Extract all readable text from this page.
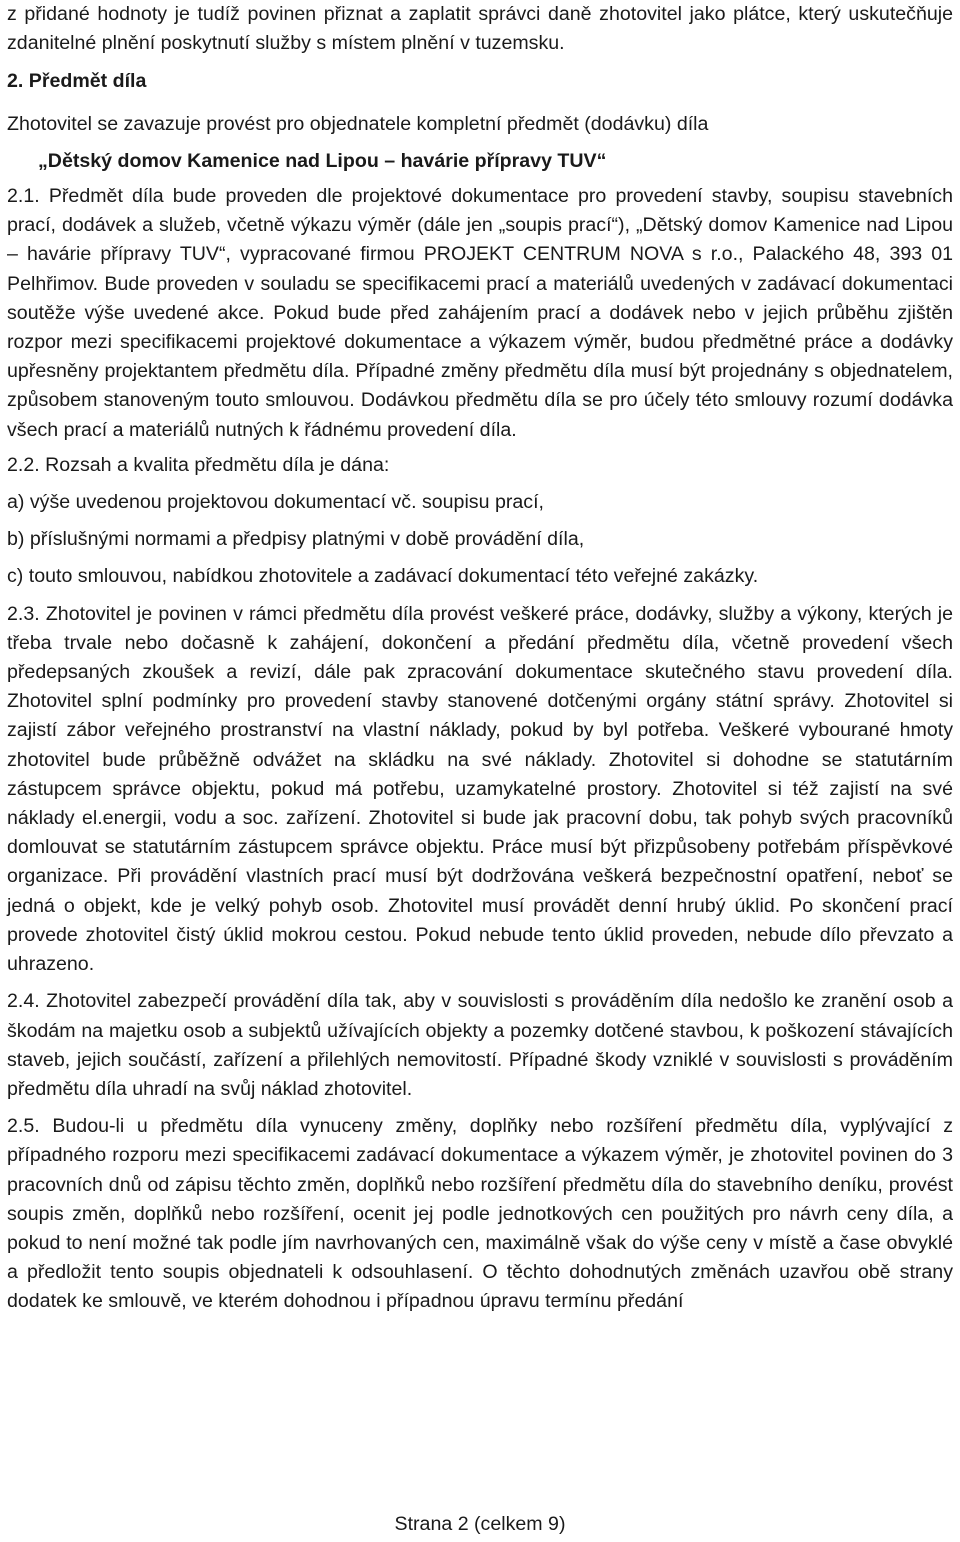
z přidané hodnoty je tudíž povinen přiznat a zaplatit správci daně zhotovitel jako plátce, který uskutečňuje zdanitelné plnění poskytnutí služby s místem plnění v tuzemsku.

2. Předmět díla

Zhotovitel se zavazuje provést pro objednatele kompletní předmět (dodávku) díla

„Dětský domov Kamenice nad Lipou – havárie přípravy TUV“

2.1. Předmět díla bude proveden dle projektové dokumentace pro provedení stavby, soupisu stavebních prací, dodávek a služeb, včetně výkazu výměr (dále jen „soupis prací“), „Dětský domov Kamenice nad Lipou – havárie přípravy TUV“, vypracované firmou PROJEKT CENTRUM NOVA s r.o., Palackého 48, 393 01 Pelhřimov. Bude proveden v souladu se specifikacemi prací a materiálů uvedených v zadávací dokumentaci soutěže výše uvedené akce. Pokud bude před zahájením prací a dodávek nebo v jejich průběhu zjištěn rozpor mezi specifikacemi projektové dokumentace a výkazem výměr, budou předmětné práce a dodávky upřesněny projektantem předmětu díla. Případné změny předmětu díla musí být projednány s objednatelem, způsobem stanoveným touto smlouvou. Dodávkou předmětu díla se pro účely této smlouvy rozumí dodávka všech prací a materiálů nutných k řádnému provedení díla.

2.2. Rozsah a kvalita předmětu díla je dána:

a) výše uvedenou projektovou dokumentací vč. soupisu prací,

b) příslušnými normami a předpisy platnými v době provádění díla,

c) touto smlouvou, nabídkou zhotovitele a zadávací dokumentací této veřejné zakázky.

2.3. Zhotovitel je povinen v rámci předmětu díla provést veškeré práce, dodávky, služby a výkony, kterých je třeba trvale nebo dočasně k zahájení, dokončení a předání předmětu díla, včetně provedení všech předepsaných zkoušek a revizí, dále pak zpracování dokumentace skutečného stavu provedení díla. Zhotovitel splní podmínky pro provedení stavby stanovené dotčenými orgány státní správy. Zhotovitel si zajistí zábor veřejného prostranství na vlastní náklady, pokud by byl potřeba. Veškeré vybourané hmoty zhotovitel bude průběžně odvážet na skládku na své náklady. Zhotovitel si dohodne se statutárním zástupcem správce objektu, pokud má potřebu, uzamykatelné prostory. Zhotovitel si též zajistí na své náklady el.energii, vodu a soc. zařízení. Zhotovitel si bude jak pracovní dobu, tak pohyb svých pracovníků domlouvat se statutárním zástupcem správce objektu. Práce musí být přizpůsobeny potřebám příspěvkové organizace. Při provádění vlastních prací musí být dodržována veškerá bezpečnostní opatření, neboť se jedná o objekt, kde je velký pohyb osob. Zhotovitel musí provádět denní hrubý úklid. Po skončení prací provede zhotovitel čistý úklid mokrou cestou. Pokud nebude tento úklid proveden, nebude dílo převzato a uhrazeno.

2.4. Zhotovitel zabezpečí provádění díla tak, aby v souvislosti s prováděním díla nedošlo ke zranění osob a škodám na majetku osob a subjektů užívajících objekty a pozemky dotčené stavbou, k poškození stávajících staveb, jejich součástí, zařízení a přilehlých nemovitostí. Případné škody vzniklé v souvislosti s prováděním předmětu díla uhradí na svůj náklad zhotovitel.

2.5. Budou-li u předmětu díla vynuceny změny, doplňky nebo rozšíření předmětu díla, vyplývající z případného rozporu mezi specifikacemi zadávací dokumentace a výkazem výměr, je zhotovitel povinen do 3 pracovních dnů od zápisu těchto změn, doplňků nebo rozšíření předmětu díla do stavebního deníku, provést soupis změn, doplňků nebo rozšíření, ocenit jej podle jednotkových cen použitých pro návrh ceny díla, a pokud to není možné tak podle jím navrhovaných cen, maximálně však do výše ceny v místě a čase obvyklé a předložit tento soupis objednateli k odsouhlasení. O těchto dohodnutých změnách uzavřou obě strany dodatek ke smlouvě, ve kterém dohodnou i případnou úpravu termínu předání

Strana 2 (celkem 9)
